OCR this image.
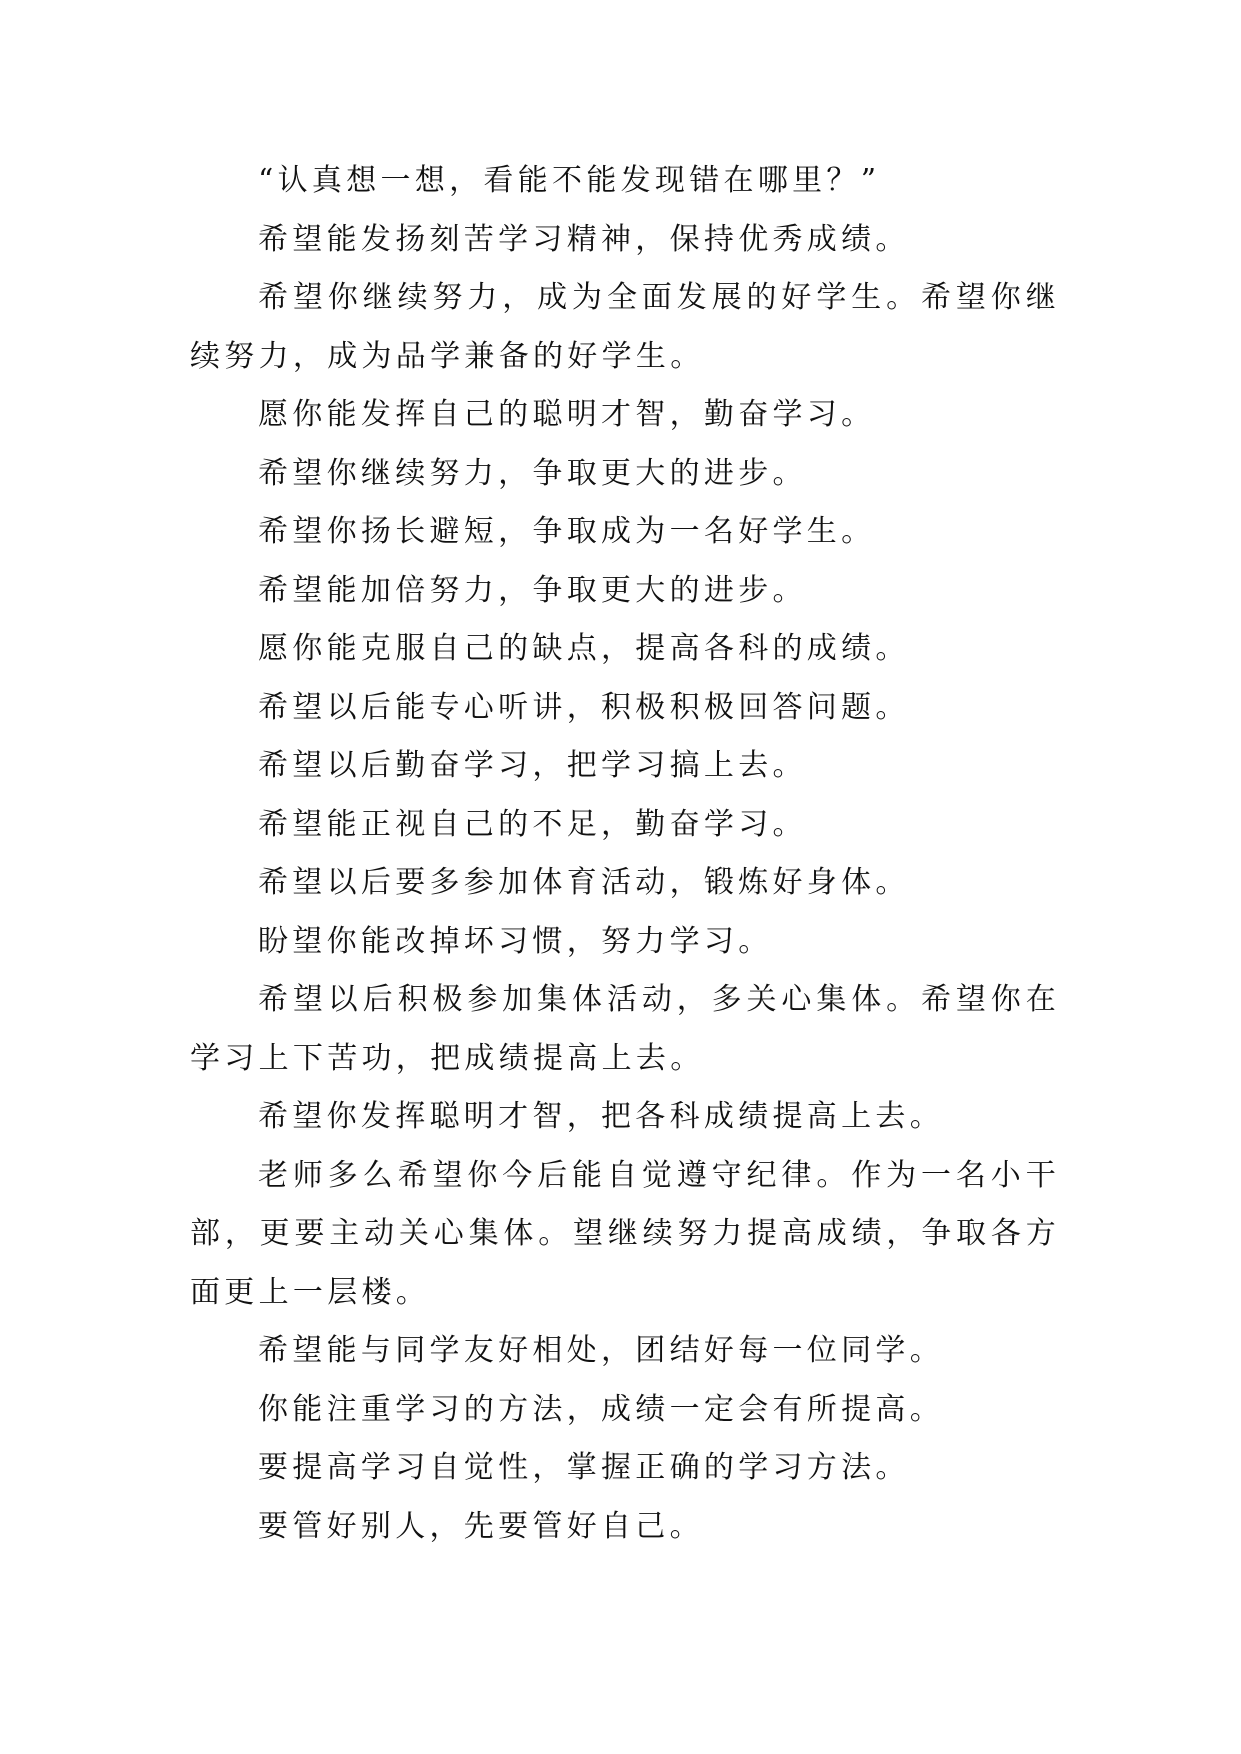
“认真想一想，看能不能发现错在哪里？”

希望能发扬刻苦学习精神，保持优秀成绩。

希望你继续努力，成为全面发展的好学生。希望你继续努力，成为品学兼备的好学生。

愿你能发挥自己的聪明才智，勤奋学习。

希望你继续努力，争取更大的进步。

希望你扬长避短，争取成为一名好学生。

希望能加倍努力，争取更大的进步。

愿你能克服自己的缺点，提高各科的成绩。

希望以后能专心听讲，积极积极回答问题。

希望以后勤奋学习，把学习搞上去。

希望能正视自己的不足，勤奋学习。

希望以后要多参加体育活动，锻炼好身体。

盼望你能改掉坏习惯，努力学习。

希望以后积极参加集体活动，多关心集体。希望你在学习上下苦功，把成绩提高上去。

希望你发挥聪明才智，把各科成绩提高上去。

老师多么希望你今后能自觉遵守纪律。作为一名小干部，更要主动关心集体。望继续努力提高成绩，争取各方面更上一层楼。

希望能与同学友好相处，团结好每一位同学。

你能注重学习的方法，成绩一定会有所提高。

要提高学习自觉性，掌握正确的学习方法。

要管好别人，先要管好自己。
